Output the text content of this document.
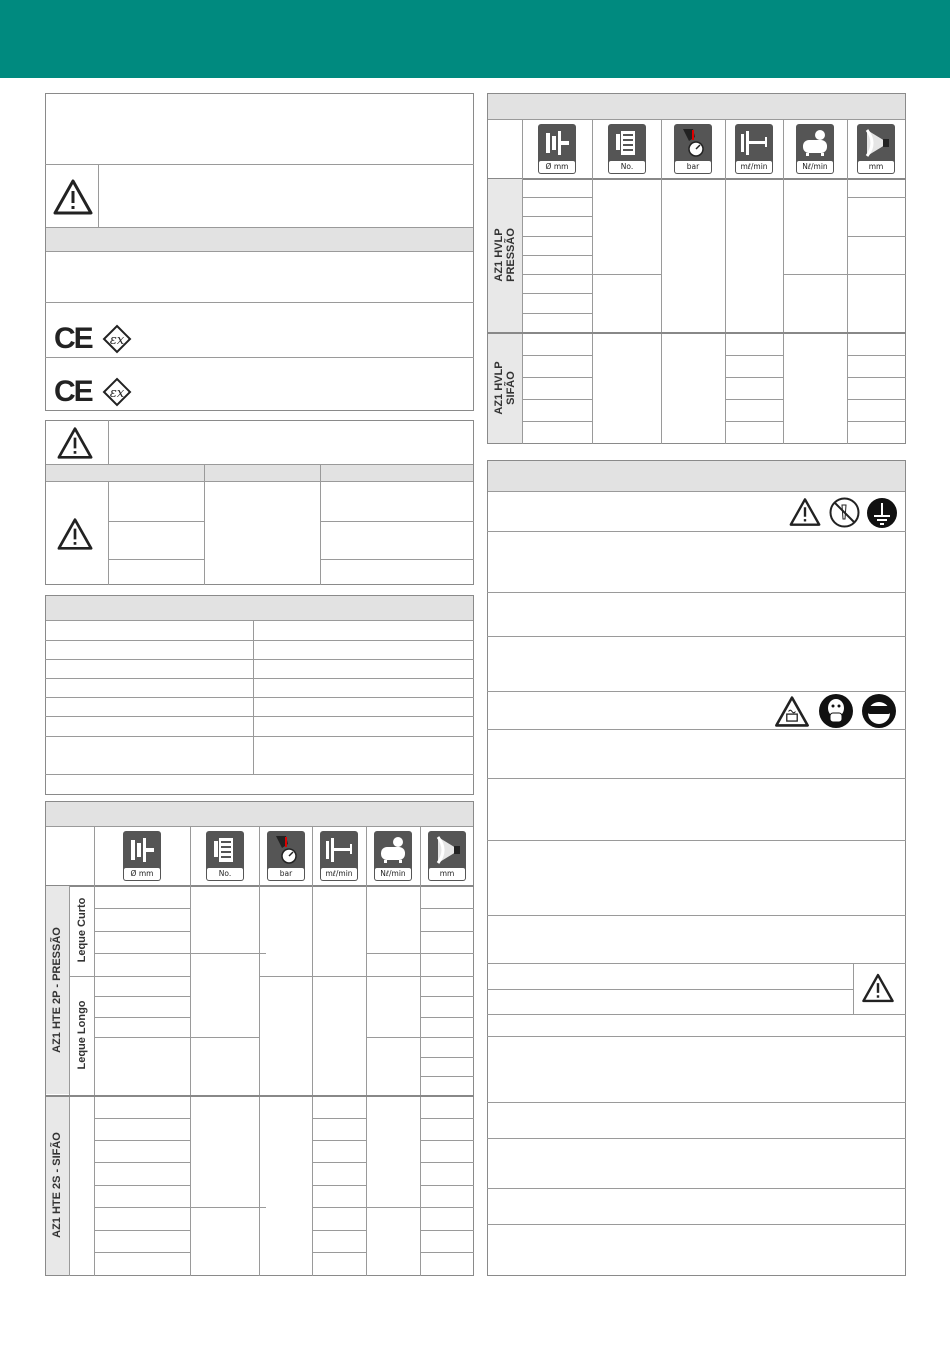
CE εx
CE εx
AZ1 HTE 2P - PRESSÃO Leque Curto
Leque Longo
AZ1 HTE 2S - SIFÃO
Ø mm	No.	bar	mℓ/min	Nℓ/min	mm
AZ1 HVLP PRESSÃO
AZ1 HVLP SIFÃO
Ø mm	No.	bar	mℓ/min	Nℓ/min	mm
